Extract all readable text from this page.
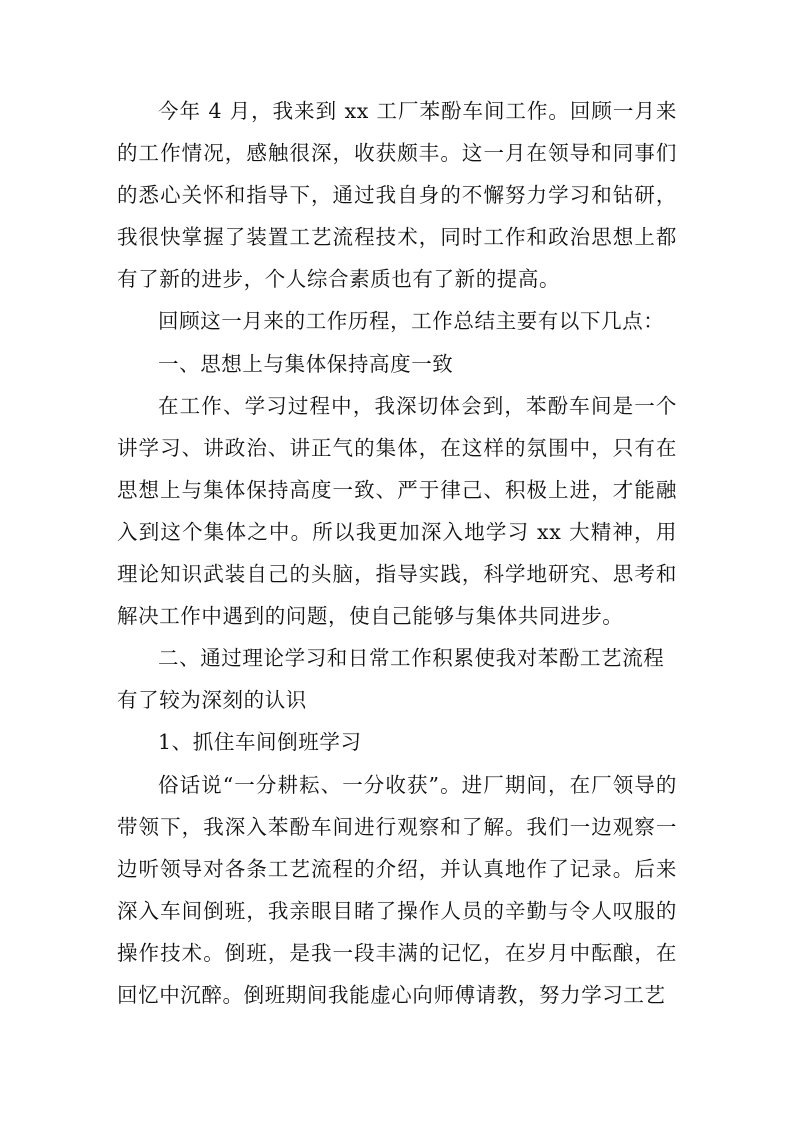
今年 4 月，我来到 xx 工厂苯酚车间工作。回顾一月来的工作情况，感触很深，收获颇丰。这一月在领导和同事们的悉心关怀和指导下，通过我自身的不懈努力学习和钻研，我很快掌握了装置工艺流程技术，同时工作和政治思想上都有了新的进步，个人综合素质也有了新的提高。

回顾这一月来的工作历程，工作总结主要有以下几点：

一、思想上与集体保持高度一致

在工作、学习过程中，我深切体会到，苯酚车间是一个讲学习、讲政治、讲正气的集体，在这样的氛围中，只有在思想上与集体保持高度一致、严于律己、积极上进，才能融入到这个集体之中。所以我更加深入地学习 xx 大精神，用理论知识武装自己的头脑，指导实践，科学地研究、思考和解决工作中遇到的问题，使自己能够与集体共同进步。

二、通过理论学习和日常工作积累使我对苯酚工艺流程有了较为深刻的认识

1、抓住车间倒班学习

俗话说“一分耕耘、一分收获”。进厂期间，在厂领导的带领下，我深入苯酚车间进行观察和了解。我们一边观察一边听领导对各条工艺流程的介绍，并认真地作了记录。后来深入车间倒班，我亲眼目睹了操作人员的辛勤与令人叹服的操作技术。倒班，是我一段丰满的记忆，在岁月中酝酿，在回忆中沉醉。倒班期间我能虚心向师傅请教，努力学习工艺
